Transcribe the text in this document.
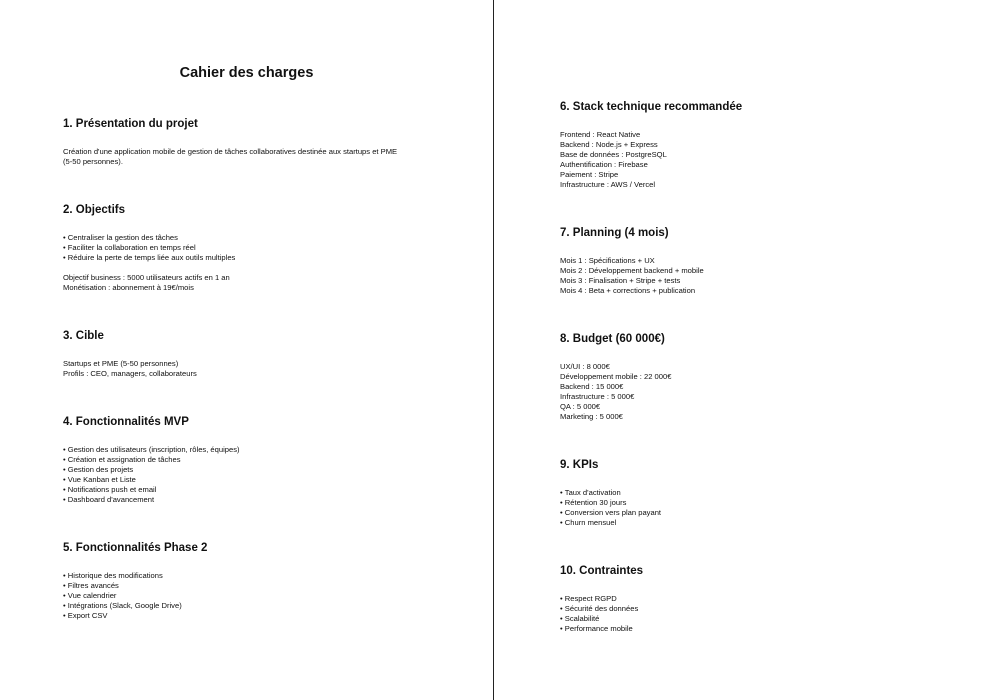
Cahier des charges
1. Présentation du projet

Création d'une application mobile de gestion de tâches collaboratives destinée aux startups et PME

(5-50 personnes).

2. Objectifs
• Centraliser la gestion des tâches
• Faciliter la collaboration en temps réel
• Réduire la perte de temps liée aux outils multiples

Objectif business : 5000 utilisateurs actifs en 1 an

Monétisation : abonnement à 19€/mois

3. Cible

Startups et PME (5-50 personnes)

Profils : CEO, managers, collaborateurs

4. Fonctionnalités MVP
• Gestion des utilisateurs (inscription, rôles, équipes)
• Création et assignation de tâches
• Gestion des projets
• Vue Kanban et Liste
• Notifications push et email
• Dashboard d'avancement
5. Fonctionnalités Phase 2
• Historique des modifications
• Filtres avancés
• Vue calendrier
• Intégrations (Slack, Google Drive)
• Export CSV
6. Stack technique recommandée

Frontend : React Native

Backend : Node.js + Express

Base de données : PostgreSQL

Authentification : Firebase

Paiement : Stripe

Infrastructure : AWS / Vercel

7. Planning (4 mois)

Mois 1 : Spécifications + UX

Mois 2 : Développement backend + mobile

Mois 3 : Finalisation + Stripe + tests

Mois 4 : Beta + corrections + publication

8. Budget (60 000€)

UX/UI : 8 000€

Développement mobile : 22 000€

Backend : 15 000€

Infrastructure : 5 000€

QA : 5 000€

Marketing : 5 000€

9. KPIs
• Taux d'activation
• Rétention 30 jours
• Conversion vers plan payant
• Churn mensuel
10. Contraintes
• Respect RGPD
• Sécurité des données
• Scalabilité
• Performance mobile
